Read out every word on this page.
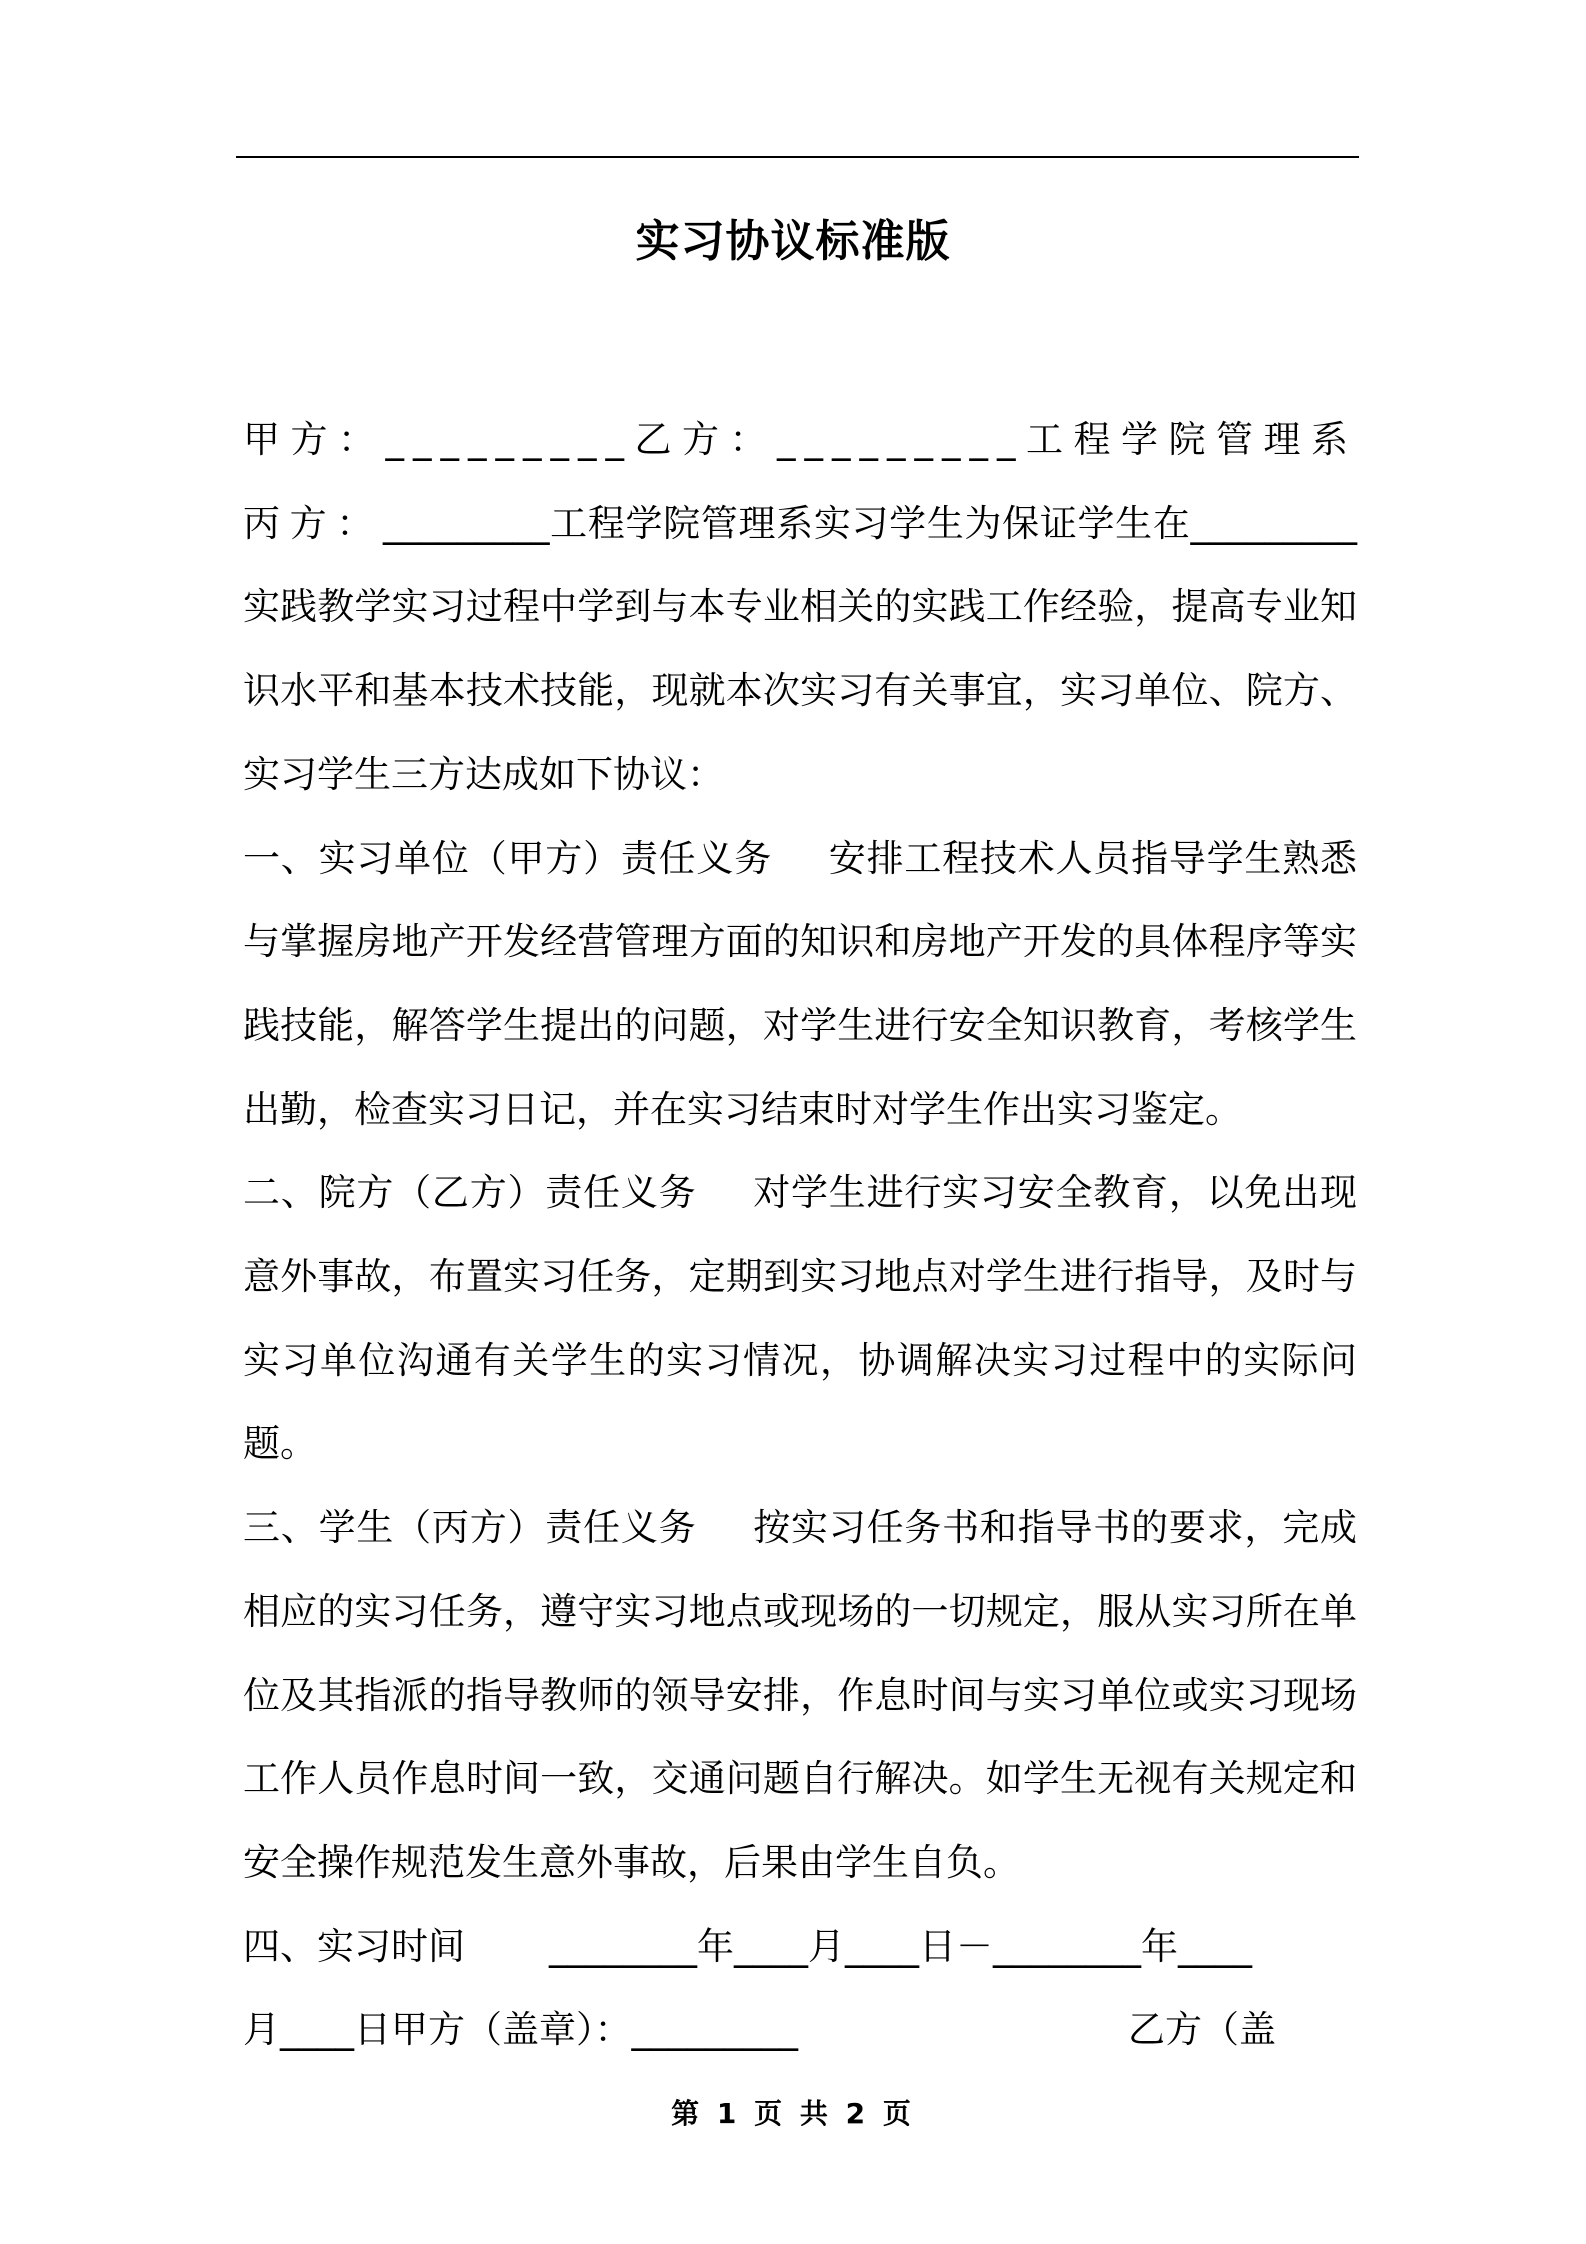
实习协议标准版

甲方：_________乙方：_________工程学院管理系丙方：_________工程学院管理系实习学生为保证学生在_________实践教学实习过程中学到与本专业相关的实践工作经验，提高专业知识水平和基本技术技能，现就本次实习有关事宜，实习单位、院方、实习学生三方达成如下协议：

一、实习单位（甲方）责任义务 安排工程技术人员指导学生熟悉与掌握房地产开发经营管理方面的知识和房地产开发的具体程序等实践技能，解答学生提出的问题，对学生进行安全知识教育，考核学生出勤，检查实习日记，并在实习结束时对学生作出实习鉴定。

二、院方（乙方）责任义务 对学生进行实习安全教育，以免出现意外事故，布置实习任务，定期到实习地点对学生进行指导，及时与实习单位沟通有关学生的实习情况，协调解决实习过程中的实际问题。

三、学生（丙方）责任义务 按实习任务书和指导书的要求，完成相应的实习任务，遵守实习地点或现场的一切规定，服从实习所在单位及其指派的指导教师的领导安排，作息时间与实习单位或实习现场工作人员作息时间一致，交通问题自行解决。如学生无视有关规定和安全操作规范发生意外事故，后果由学生自负。

四、实习时间 ________年____月____日－________年____
月____日甲方（盖章）：_________	乙方（盖

第 1 页 共 2 页
